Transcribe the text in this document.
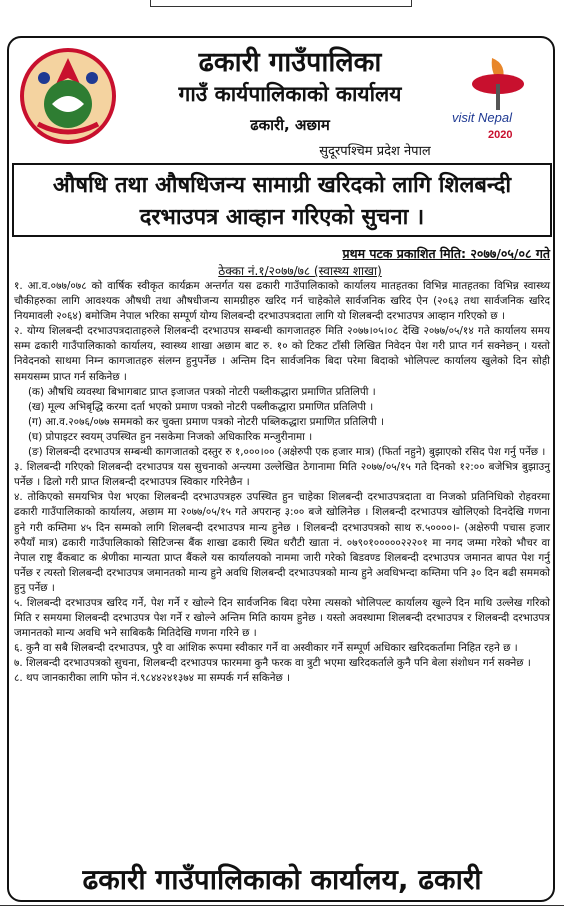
ढकारी गाउँपालिका
गाउँ कार्यपालिकाको कार्यालय
ढकारी, अछाम
सुदूरपश्चिम प्रदेश नेपाल
visit Nepal
2020
औषधि तथा औषधिजन्य सामाग्री खरिदको लागि शिलबन्दी
दरभाउपत्र आव्हान गरिएको सुचना ।
प्रथम पटक प्रकाशित मिति: २०७७/०५/०८ गते
ठेक्का नं.१/२०७७/७८ (स्वास्थ्य शाखा)

१. आ.व.०७७/०७८ को वार्षिक स्वीकृत कार्यक्रम अन्तर्गत यस ढकारी गाउँपालिकाको कार्यालय मातहतका विभिन्न मातहतका विभिन्न स्वास्थ्य चौकीहरुका लागि आवश्यक औषधी तथा औषधीजन्य सामग्रीहरु खरिद गर्न चाहेकोले सार्वजनिक खरिद ऐन (२०६३ तथा सार्वजनिक खरिद नियमावली २०६४) बमोजिम नेपाल भरिका सम्पूर्ण योग्य शिलबन्दी दरभाउपत्रदाता लागि यो शिलबन्दी दरभाउपत्र आव्हान गरिएको छ ।

२. योग्य शिलबन्दी दरभाउपत्रदाताहरुले शिलबन्दी दरभाउपत्र सम्बन्धी कागजातहरु मिति २०७७।०५।०८ देखि २०७७/०५/१४ गते कार्यालय समय सम्म ढकारी गाउँपालिकाको कार्यालय, स्वास्थ्य शाखा अछाम बाट रु. १० को टिकट टाँसी लिखित निवेदन पेश गरी प्राप्त गर्न सक्नेछन् । यस्तो निवेदनको साथमा निम्न कागजातहरु संलग्न हुनुपर्नेछ । अन्तिम दिन सार्वजनिक बिदा परेमा बिदाको भोलिपल्ट कार्यालय खुलेको दिन सोही समयसम्म प्राप्त गर्न सकिनेछ ।

(क) औषधि व्यवस्था बिभागबाट प्राप्त इजाजत पत्रको नोटरी पब्लीकद्धारा प्रमाणित प्रतिलिपी ।

(ख) मूल्य अभिबृद्धि करमा दर्ता भएको प्रमाण पत्रको नोटरी पब्लीकद्धारा प्रमाणित प्रतिलिपी ।

(ग) आ.व.२०७६/०७७ सममको कर चुक्ता प्रमाण पत्रको नोटरी पब्लिकद्धारा प्रमाणित प्रतिलिपी ।

(घ) प्रोपाइटर स्वयम् उपस्थित हुन नसकेमा निजको अधिकारिक मन्जुरीनामा ।

(ङ) शिलबन्दी दरभाउपत्र सम्बन्धी कागजातको दस्तुर रु १,०००।०० (अक्षेरुपी एक हजार मात्र) (फिर्ता नहुने) बुझाएको रसिद पेश गर्नु पर्नेछ ।

३. शिलबन्दी गरिएको शिलबन्दी दरभाउपत्र यस सुचनाको अन्त्यमा उल्लेखित ठेगानामा मिति २०७७/०५/१५ गते दिनको १२:०० बजेभित्र बुझाउनु पर्नेछ । ढिलो गरी प्राप्त शिलबन्दी दरभाउपत्र स्विकार गरिनेछैन ।

४. तोकिएको समयभित्र पेश भएका शिलबन्दी दरभाउपत्रहरु उपस्थित हुन चाहेका शिलबन्दी दरभाउपत्रदाता वा निजको प्रतिनिधिको रोहवरमा ढकारी गाउँपालिकाको कार्यालय, अछाम मा २०७७/०५/१५ गते अपरान्ह ३:०० बजे खोलिनेछ । शिलबन्दी दरभाउपत्र खोलिएको दिनदेखि गणना हुने गरी कम्तिमा ४५ दिन सम्मको लागि शिलबन्दी दरभाउपत्र मान्य हुनेछ । शिलबन्दी दरभाउपत्रको साथ रु.५००००।- (अक्षेरुपी पचास हजार रुपैयाँ मात्र) ढकारी गाउँपालिकाको सिटिजन्स बैंक शाखा ढकारी स्थित धरौटी खाता नं. ०७९०१०००००२२२०१ मा नगद जम्मा गरेको भौचर वा नेपाल राष्ट्र बैंकबाट क श्रेणीका मान्यता प्राप्त बैंकले यस कार्यालयको नाममा जारी गरेको बिडवण्ड शिलबन्दी दरभाउपत्र जमानत बापत पेश गर्नु पर्नेछ र त्यस्तो शिलबन्दी दरभाउपत्र जमानतको मान्य हुने अवधि शिलबन्दी दरभाउपत्रको मान्य हुने अवधिभन्दा कम्तिमा पनि ३० दिन बढी सममको हुनु पर्नेछ ।

५. शिलबन्दी दरभाउपत्र खरिद गर्ने, पेश गर्ने र खोल्ने दिन सार्वजनिक बिदा परेमा त्यसको भोलिपल्ट कार्यालय खुल्ने दिन माथि उल्लेख गरिको मिति र समयमा शिलबन्दी दरभाउपत्र पेश गर्ने र खोल्ने अन्तिम मिति कायम हुनेछ । यस्तो अवस्थामा शिलबन्दी दरभाउपत्र र शिलबन्दी दरभाउपत्र जमानतको मान्य अवधि भने साबिककै मितिदेखि गणना गरिने छ ।

६. कुनै वा सबै शिलबन्दी दरभाउपत्र, पुरै वा आंशिक रूपमा स्वीकार गर्ने वा अस्वीकार गर्ने सम्पूर्ण अधिकार खरिदकर्तामा निहित रहने छ ।

७. शिलबन्दी दरभाउपत्रको सुचना, शिलबन्दी दरभाउपत्र फारममा कुनै फरक वा त्रुटी भएमा खरिदकर्ताले कुनै पनि बेला संशोधन गर्न सक्नेछ ।

८. थप जानकारीका लागि फोन नं.९८४४२४१३७४ मा सम्पर्क गर्न सकिनेछ ।

ढकारी गाउँपालिकाको कार्यालय, ढकारी
